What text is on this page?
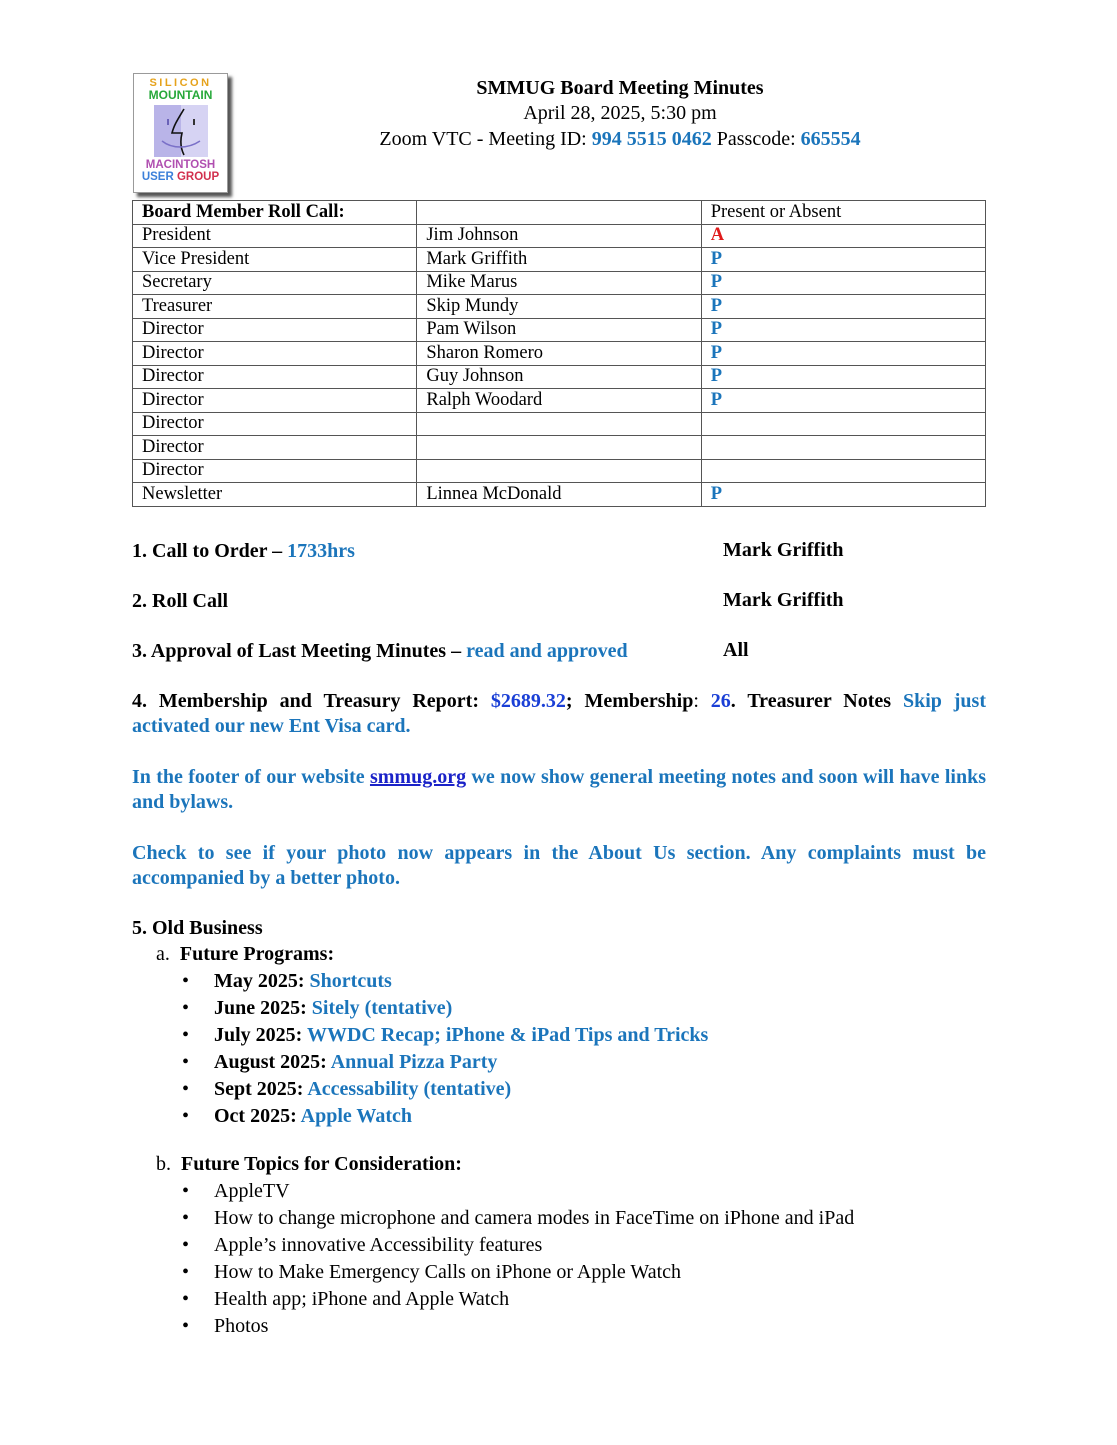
SILICON
MOUNTAIN
MACINTOSH
USER GROUP
SMMUG Board Meeting Minutes
April 28, 2025, 5:30 pm
Zoom VTC - Meeting ID: 994 5515 0462 Passcode: 665554
Board Member Roll Call:		Present or Absent
President	Jim Johnson	A
Vice President	Mark Griffith	P
Secretary	Mike Marus	P
Treasurer	Skip Mundy	P
Director	Pam Wilson	P
Director	Sharon Romero	P
Director	Guy Johnson	P
Director	Ralph Woodard	P
Director		
Director		
Director		
Newsletter	Linnea McDonald	P
1. Call to Order – 1733hrs	Mark Griffith
2. Roll Call	Mark Griffith
3. Approval of Last Meeting Minutes – read and approved	All
4. Membership and Treasury Report: $2689.32; Membership: 26. Treasurer Notes Skip just activated our new Ent Visa card.
In the footer of our website smmug.org we now show general meeting notes and soon will have links and bylaws.
Check to see if your photo now appears in the About Us section. Any complaints must be accompanied by a better photo.
5. Old Business
a. Future Programs:
• May 2025: Shortcuts
• June 2025: Sitely (tentative)
• July 2025: WWDC Recap; iPhone & iPad Tips and Tricks
• August 2025: Annual Pizza Party
• Sept 2025: Accessability (tentative)
• Oct 2025: Apple Watch
b. Future Topics for Consideration:
• AppleTV
• How to change microphone and camera modes in FaceTime on iPhone and iPad
• Apple’s innovative Accessibility features
• How to Make Emergency Calls on iPhone or Apple Watch
• Health app; iPhone and Apple Watch
• Photos
